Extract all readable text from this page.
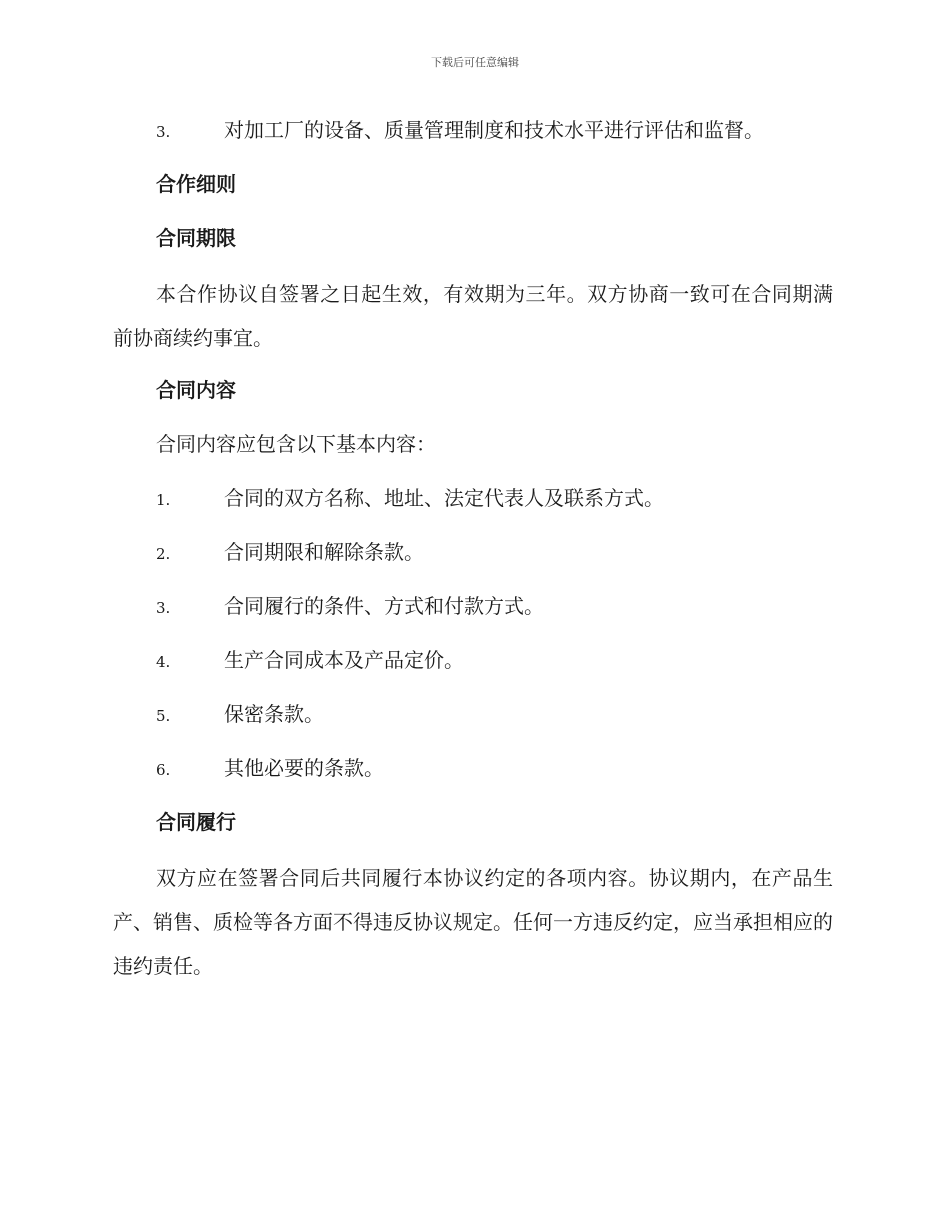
下载后可任意编辑
3.	对加工厂的设备、质量管理制度和技术水平进行评估和监督。
合作细则
合同期限

本合作协议自签署之日起生效，有效期为三年。双方协商一致可在合同期满前协商续约事宜。

合同内容
合同内容应包含以下基本内容：
1.	合同的双方名称、地址、法定代表人及联系方式。
2.	合同期限和解除条款。
3.	合同履行的条件、方式和付款方式。
4.	生产合同成本及产品定价。
5.	保密条款。
6.	其他必要的条款。
合同履行

双方应在签署合同后共同履行本协议约定的各项内容。协议期内，在产品生产、销售、质检等各方面不得违反协议规定。任何一方违反约定，应当承担相应的违约责任。
